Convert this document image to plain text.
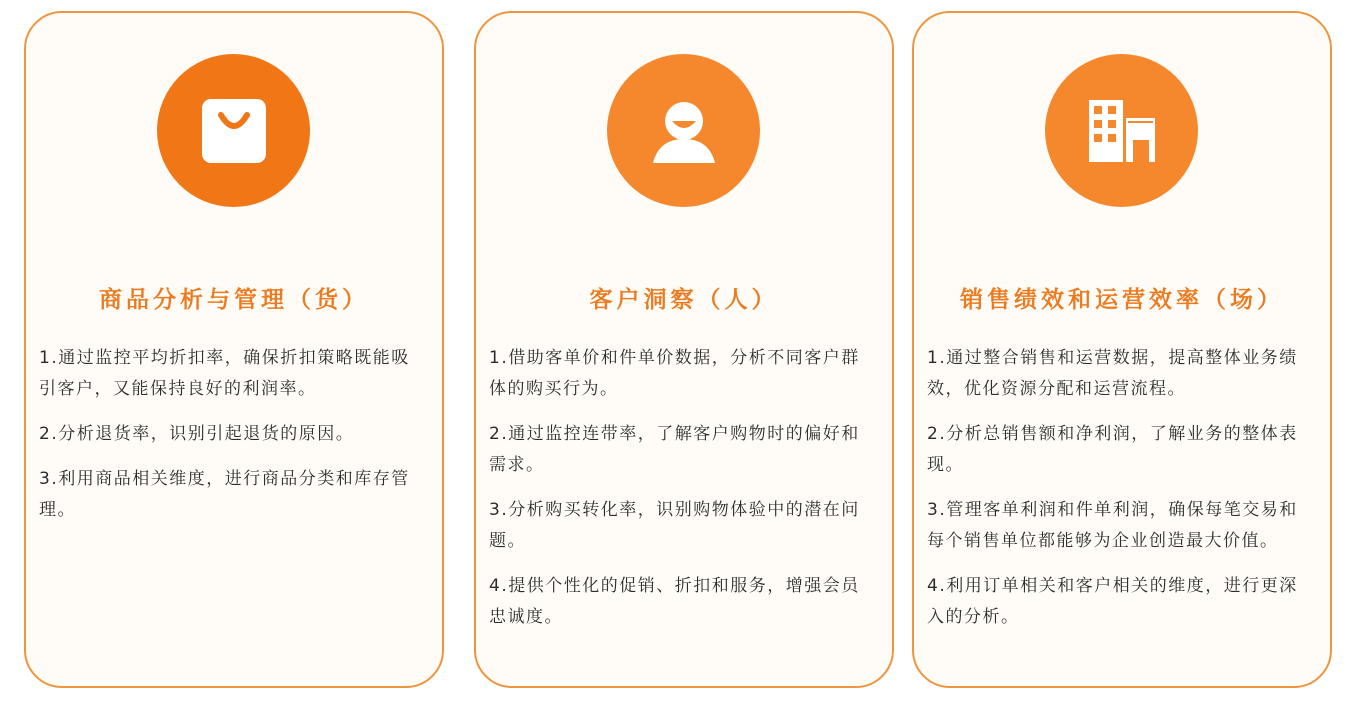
商品分析与管理（货）
1.通过监控平均折扣率，确保折扣策略既能吸引客户，又能保持良好的利润率。
2.分析退货率，识别引起退货的原因。
3.利用商品相关维度，进行商品分类和库存管理。
客户洞察（人）
1.借助客单价和件单价数据，分析不同客户群体的购买行为。
2.通过监控连带率，了解客户购物时的偏好和需求。
3.分析购买转化率，识别购物体验中的潜在问题。
4.提供个性化的促销、折扣和服务，增强会员忠诚度。
销售绩效和运营效率（场）
1.通过整合销售和运营数据，提高整体业务绩效，优化资源分配和运营流程。
2.分析总销售额和净利润，了解业务的整体表现。
3.管理客单利润和件单利润，确保每笔交易和每个销售单位都能够为企业创造最大价值。
4.利用订单相关和客户相关的维度，进行更深入的分析。
